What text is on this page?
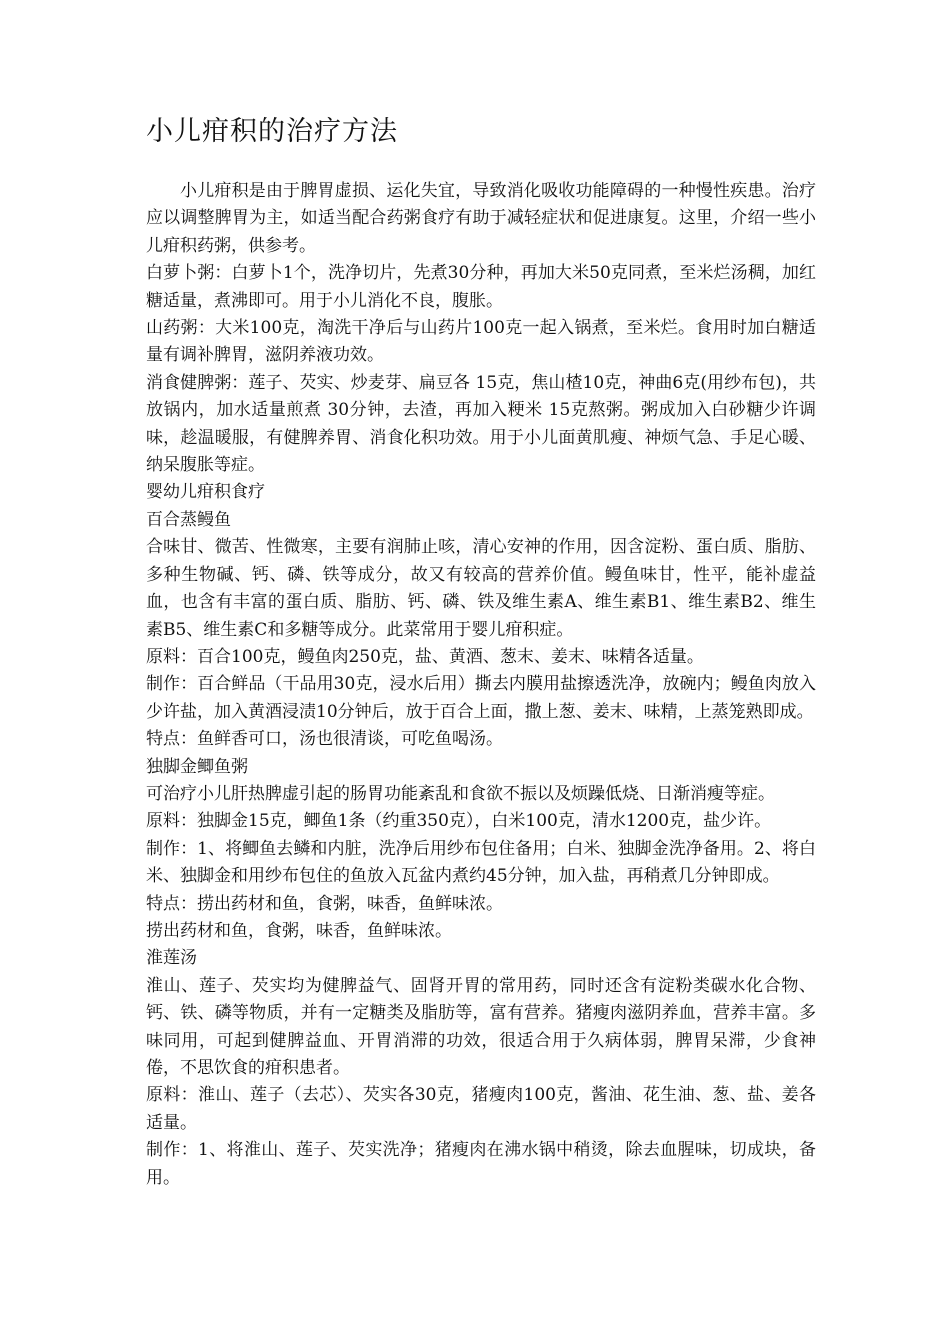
小儿疳积的治疗方法

小儿疳积是由于脾胃虚损、运化失宜，导致消化吸收功能障碍的一种慢性疾患。治疗应以调整脾胃为主，如适当配合药粥食疗有助于减轻症状和促进康复。这里，介绍一些小儿疳积药粥，供参考。

白萝卜粥：白萝卜1个，洗净切片，先煮30分种，再加大米50克同煮，至米烂汤稠，加红糖适量，煮沸即可。用于小儿消化不良，腹胀。

山药粥：大米100克，淘洗干净后与山药片100克一起入锅煮，至米烂。食用时加白糖适量有调补脾胃，滋阴养液功效。

消食健脾粥：莲子、芡实、炒麦芽、扁豆各 15克，焦山楂10克，神曲6克(用纱布包)，共放锅内，加水适量煎煮 30分钟，去渣，再加入粳米 15克熬粥。粥成加入白砂糖少许调味，趁温暖服，有健脾养胃、消食化积功效。用于小儿面黄肌瘦、神烦气急、手足心暖、纳呆腹胀等症。

婴幼儿疳积食疗

百合蒸鳗鱼

合味甘、微苦、性微寒，主要有润肺止咳，清心安神的作用，因含淀粉、蛋白质、脂肪、多种生物碱、钙、磷、铁等成分，故又有较高的营养价值。鳗鱼味甘，性平，能补虚益血，也含有丰富的蛋白质、脂肪、钙、磷、铁及维生素A、维生素B1、维生素B2、维生素B5、维生素C和多糖等成分。此菜常用于婴儿疳积症。

原料：百合100克，鳗鱼肉250克，盐、黄酒、葱末、姜末、味精各适量。

制作：百合鲜品（干品用30克，浸水后用）撕去内膜用盐擦透洗净，放碗内；鳗鱼肉放入少许盐，加入黄酒浸渍10分钟后，放于百合上面，撒上葱、姜末、味精，上蒸笼熟即成。

特点：鱼鲜香可口，汤也很清谈，可吃鱼喝汤。

独脚金鲫鱼粥

可治疗小儿肝热脾虚引起的肠胃功能紊乱和食欲不振以及烦躁低烧、日渐消瘦等症。

原料：独脚金15克，鲫鱼1条（约重350克），白米100克，清水1200克，盐少许。

制作：1、将鲫鱼去鳞和内脏，洗净后用纱布包住备用；白米、独脚金洗净备用。2、将白米、独脚金和用纱布包住的鱼放入瓦盆内煮约45分钟，加入盐，再稍煮几分钟即成。

特点：捞出药材和鱼，食粥，味香，鱼鲜味浓。

捞出药材和鱼，食粥，味香，鱼鲜味浓。

淮莲汤

淮山、莲子、芡实均为健脾益气、固肾开胃的常用药，同时还含有淀粉类碳水化合物、钙、铁、磷等物质，并有一定糖类及脂肪等，富有营养。猪瘦肉滋阴养血，营养丰富。多味同用，可起到健脾益血、开胃消滞的功效，很适合用于久病体弱，脾胃呆滞，少食神倦，不思饮食的疳积患者。

原料：淮山、莲子（去芯）、芡实各30克，猪瘦肉100克，酱油、花生油、葱、盐、姜各适量。

制作：1、将淮山、莲子、芡实洗净；猪瘦肉在沸水锅中稍烫，除去血腥味，切成块，备用。
